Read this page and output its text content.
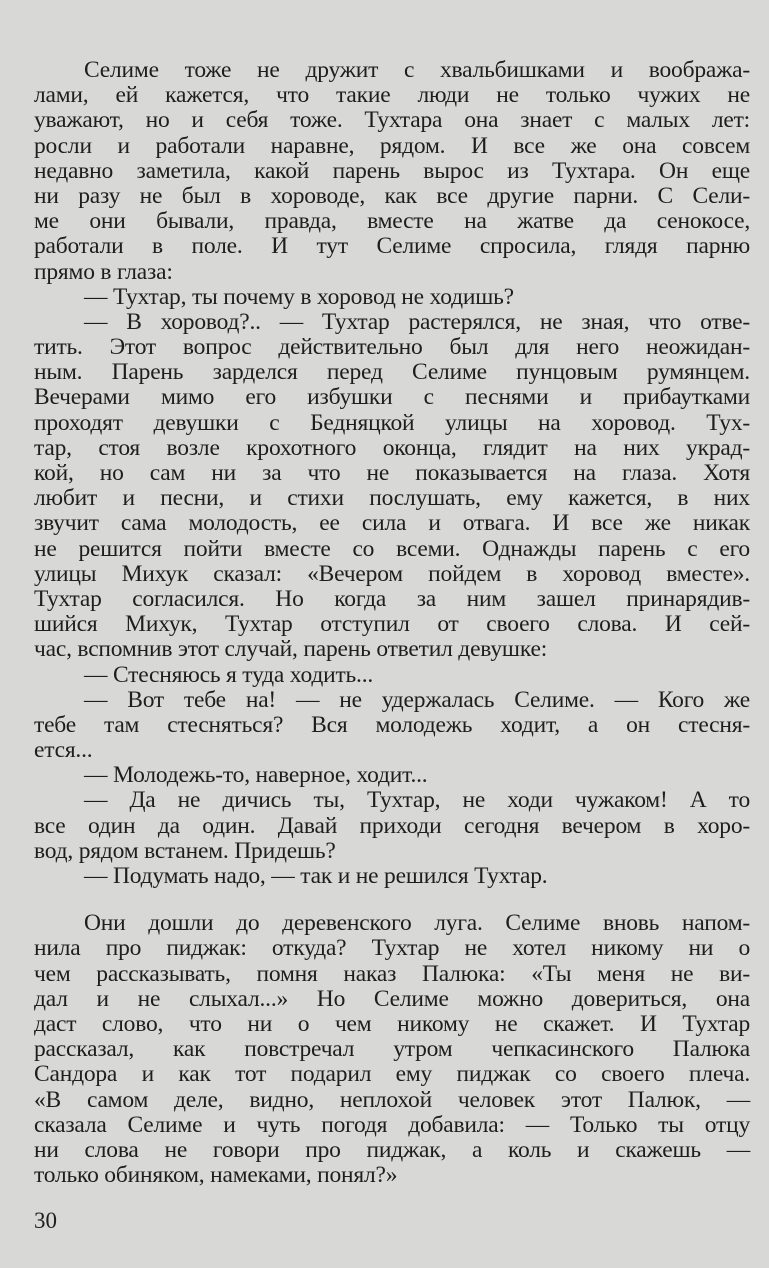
Селиме тоже не дружит с хвальбишками и вообража-
лами, ей кажется, что такие люди не только чужих не
уважают, но и себя тоже. Тухтара она знает с малых лет:
росли и работали наравне, рядом. И все же она совсем
недавно заметила, какой парень вырос из Тухтара. Он еще
ни разу не был в хороводе, как все другие парни. С Сели-
ме они бывали, правда, вместе на жатве да сенокосе,
работали в поле. И тут Селиме спросила, глядя парню
прямо в глаза:
— Тухтар, ты почему в хоровод не ходишь?
— В хоровод?.. — Тухтар растерялся, не зная, что отве-
тить. Этот вопрос действительно был для него неожидан-
ным. Парень зарделся перед Селиме пунцовым румянцем.
Вечерами мимо его избушки с песнями и прибаутками
проходят девушки с Бедняцкой улицы на хоровод. Тух-
тар, стоя возле крохотного оконца, глядит на них укрaд-
кой, но сам ни за что не показывается на глаза. Хотя
любит и песни, и стихи послушать, ему кажется, в них
звучит сама молодость, ее сила и отвага. И все же никак
не решится пойти вместе со всеми. Однажды парень с его
улицы Михук сказал: «Вечером пойдем в хоровод вместе».
Тухтар согласился. Но когда за ним зашел принарядив-
шийся Михук, Тухтар отступил от своего слова. И сей-
час, вспомнив этот случай, парень ответил девушке:
— Стесняюсь я туда ходить...
— Вот тебе на! — не удержалась Селиме. — Кого же
тебе там стесняться? Вся молодежь ходит, а он стесня-
ется...
— Молодежь-то, наверное, ходит...
— Да не дичись ты, Тухтар, не ходи чужаком! А то
все один да один. Давай приходи сегодня вечером в хоро-
вод, рядом встанем. Придешь?
— Подумать надо, — так и не решился Тухтар.
Они дошли до деревенского луга. Селиме вновь напом-
нила про пиджак: откуда? Тухтар не хотел никому ни о
чем рассказывать, помня наказ Палюка: «Ты меня не ви-
дал и не слыхал...» Но Селиме можно довериться, она
даст слово, что ни о чем никому не скажет. И Тухтар
рассказал, как повстречал утром чепкасинского Палюка
Сандора и как тот подарил ему пиджак со своего плеча.
«В самом деле, видно, неплохой человек этот Палюк, —
сказала Селиме и чуть погодя добавила: — Только ты отцу
ни слова не говори про пиджак, а коль и скажешь —
только обиняком, намеками, понял?»
30
